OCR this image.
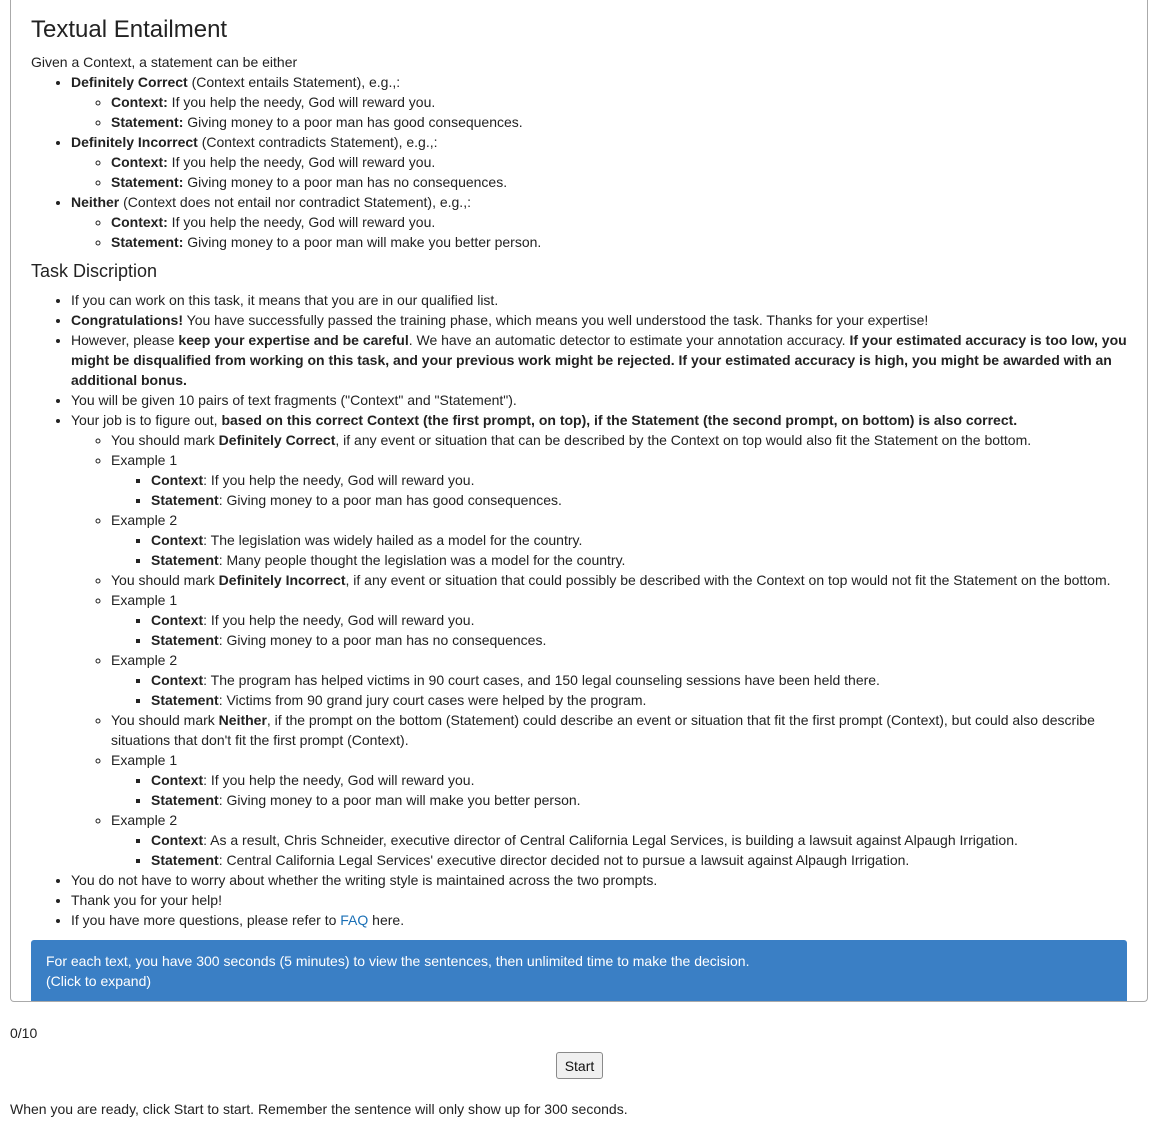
Textual Entailment

Given a Context, a statement can be either

• Definitely Correct (Context entails Statement), e.g.,:
◦ Context: If you help the needy, God will reward you.
◦ Statement: Giving money to a poor man has good consequences.
• Definitely Incorrect (Context contradicts Statement), e.g.,:
◦ Context: If you help the needy, God will reward you.
◦ Statement: Giving money to a poor man has no consequences.
• Neither (Context does not entail nor contradict Statement), e.g.,:
◦ Context: If you help the needy, God will reward you.
◦ Statement: Giving money to a poor man will make you better person.
Task Discription
• If you can work on this task, it means that you are in our qualified list.
• Congratulations! You have successfully passed the training phase, which means you well understood the task. Thanks for your expertise!
• However, please keep your expertise and be careful. We have an automatic detector to estimate your annotation accuracy. If your estimated accuracy is too low, you might be disqualified from working on this task, and your previous work might be rejected. If your estimated accuracy is high, you might be awarded with an additional bonus.
• You will be given 10 pairs of text fragments ("Context" and "Statement").
• Your job is to figure out, based on this correct Context (the first prompt, on top), if the Statement (the second prompt, on bottom) is also correct.
◦ You should mark Definitely Correct, if any event or situation that can be described by the Context on top would also fit the Statement on the bottom.
◦ Example 1
▪ Context: If you help the needy, God will reward you.
▪ Statement: Giving money to a poor man has good consequences.
◦ Example 2
▪ Context: The legislation was widely hailed as a model for the country.
▪ Statement: Many people thought the legislation was a model for the country.
◦ You should mark Definitely Incorrect, if any event or situation that could possibly be described with the Context on top would not fit the Statement on the bottom.
◦ Example 1
▪ Context: If you help the needy, God will reward you.
▪ Statement: Giving money to a poor man has no consequences.
◦ Example 2
▪ Context: The program has helped victims in 90 court cases, and 150 legal counseling sessions have been held there.
▪ Statement: Victims from 90 grand jury court cases were helped by the program.
◦ You should mark Neither, if the prompt on the bottom (Statement) could describe an event or situation that fit the first prompt (Context), but could also describe situations that don't fit the first prompt (Context).
◦ Example 1
▪ Context: If you help the needy, God will reward you.
▪ Statement: Giving money to a poor man will make you better person.
◦ Example 2
▪ Context: As a result, Chris Schneider, executive director of Central California Legal Services, is building a lawsuit against Alpaugh Irrigation.
▪ Statement: Central California Legal Services' executive director decided not to pursue a lawsuit against Alpaugh Irrigation.
• You do not have to worry about whether the writing style is maintained across the two prompts.
• Thank you for your help!
• If you have more questions, please refer to FAQ here.
For each text, you have 300 seconds (5 minutes) to view the sentences, then unlimited time to make the decision.
(Click to expand)
0/10
Start
When you are ready, click Start to start. Remember the sentence will only show up for 300 seconds.
